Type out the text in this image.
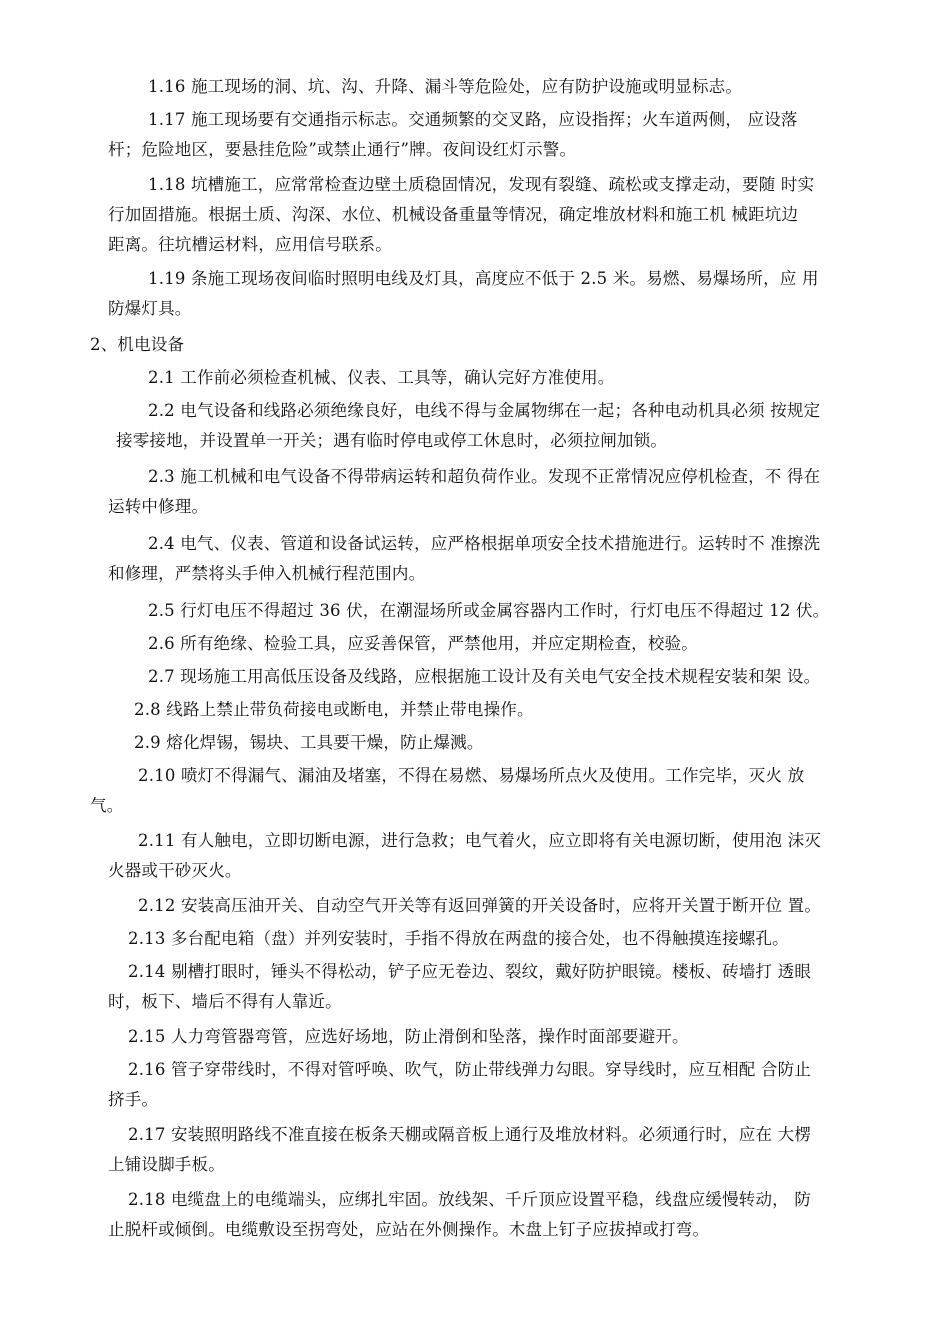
1.16 施工现场的洞、坑、沟、升降、漏斗等危险处，应有防护设施或明显标志。
1.17 施工现场要有交通指示标志。交通频繁的交叉路，应设指挥；火车道两侧， 应设落
杆；危险地区，要悬挂危险”或禁止通行”牌。夜间设红灯示警。
1.18 坑槽施工，应常常检查边壁土质稳固情况，发现有裂缝、疏松或支撑走动，要随 时实
行加固措施。根据土质、沟深、水位、机械设备重量等情况，确定堆放材料和施工机 械距坑边
距离。往坑槽运材料，应用信号联系。
1.19 条施工现场夜间临时照明电线及灯具，高度应不低于 2.5 米。易燃、易爆场所，应 用
防爆灯具。
2、机电设备
2.1 工作前必须检查机械、仪表、工具等，确认完好方准使用。
2.2 电气设备和线路必须绝缘良好，电线不得与金属物绑在一起；各种电动机具必须 按规定
接零接地，并设置单一开关；遇有临时停电或停工休息时，必须拉闸加锁。
2.3 施工机械和电气设备不得带病运转和超负荷作业。发现不正常情况应停机检查，不 得在
运转中修理。
2.4 电气、仪表、管道和设备试运转，应严格根据单项安全技术措施进行。运转时不 准擦洗
和修理，严禁将头手伸入机械行程范围内。
2.5 行灯电压不得超过 36 伏，在潮湿场所或金属容器内工作时，行灯电压不得超过 12 伏。
2.6 所有绝缘、检验工具，应妥善保管，严禁他用，并应定期检查，校验。
2.7 现场施工用高低压设备及线路，应根据施工设计及有关电气安全技术规程安装和架 设。
2.8 线路上禁止带负荷接电或断电，并禁止带电操作。
2.9 熔化焊锡，锡块、工具要干燥，防止爆溅。
2.10 喷灯不得漏气、漏油及堵塞，不得在易燃、易爆场所点火及使用。工作完毕，灭火 放
气。
2.11 有人触电，立即切断电源，进行急救；电气着火，应立即将有关电源切断，使用泡 沫灭
火器或干砂灭火。
2.12 安装高压油开关、自动空气开关等有返回弹簧的开关设备时，应将开关置于断开位 置。
2.13 多台配电箱（盘）并列安装时，手指不得放在两盘的接合处，也不得触摸连接螺孔。
2.14 剔槽打眼时，锤头不得松动，铲子应无卷边、裂纹，戴好防护眼镜。楼板、砖墙打 透眼
时，板下、墙后不得有人靠近。
2.15 人力弯管器弯管，应选好场地，防止滑倒和坠落，操作时面部要避开。
2.16 管子穿带线时，不得对管呼唤、吹气，防止带线弹力勾眼。穿导线时，应互相配 合防止
挤手。
2.17 安装照明路线不准直接在板条天棚或隔音板上通行及堆放材料。必须通行时，应在 大楞
上铺设脚手板。
2.18 电缆盘上的电缆端头，应绑扎牢固。放线架、千斤顶应设置平稳，线盘应缓慢转动， 防
止脱杆或倾倒。电缆敷设至拐弯处，应站在外侧操作。木盘上钉子应拔掉或打弯。
